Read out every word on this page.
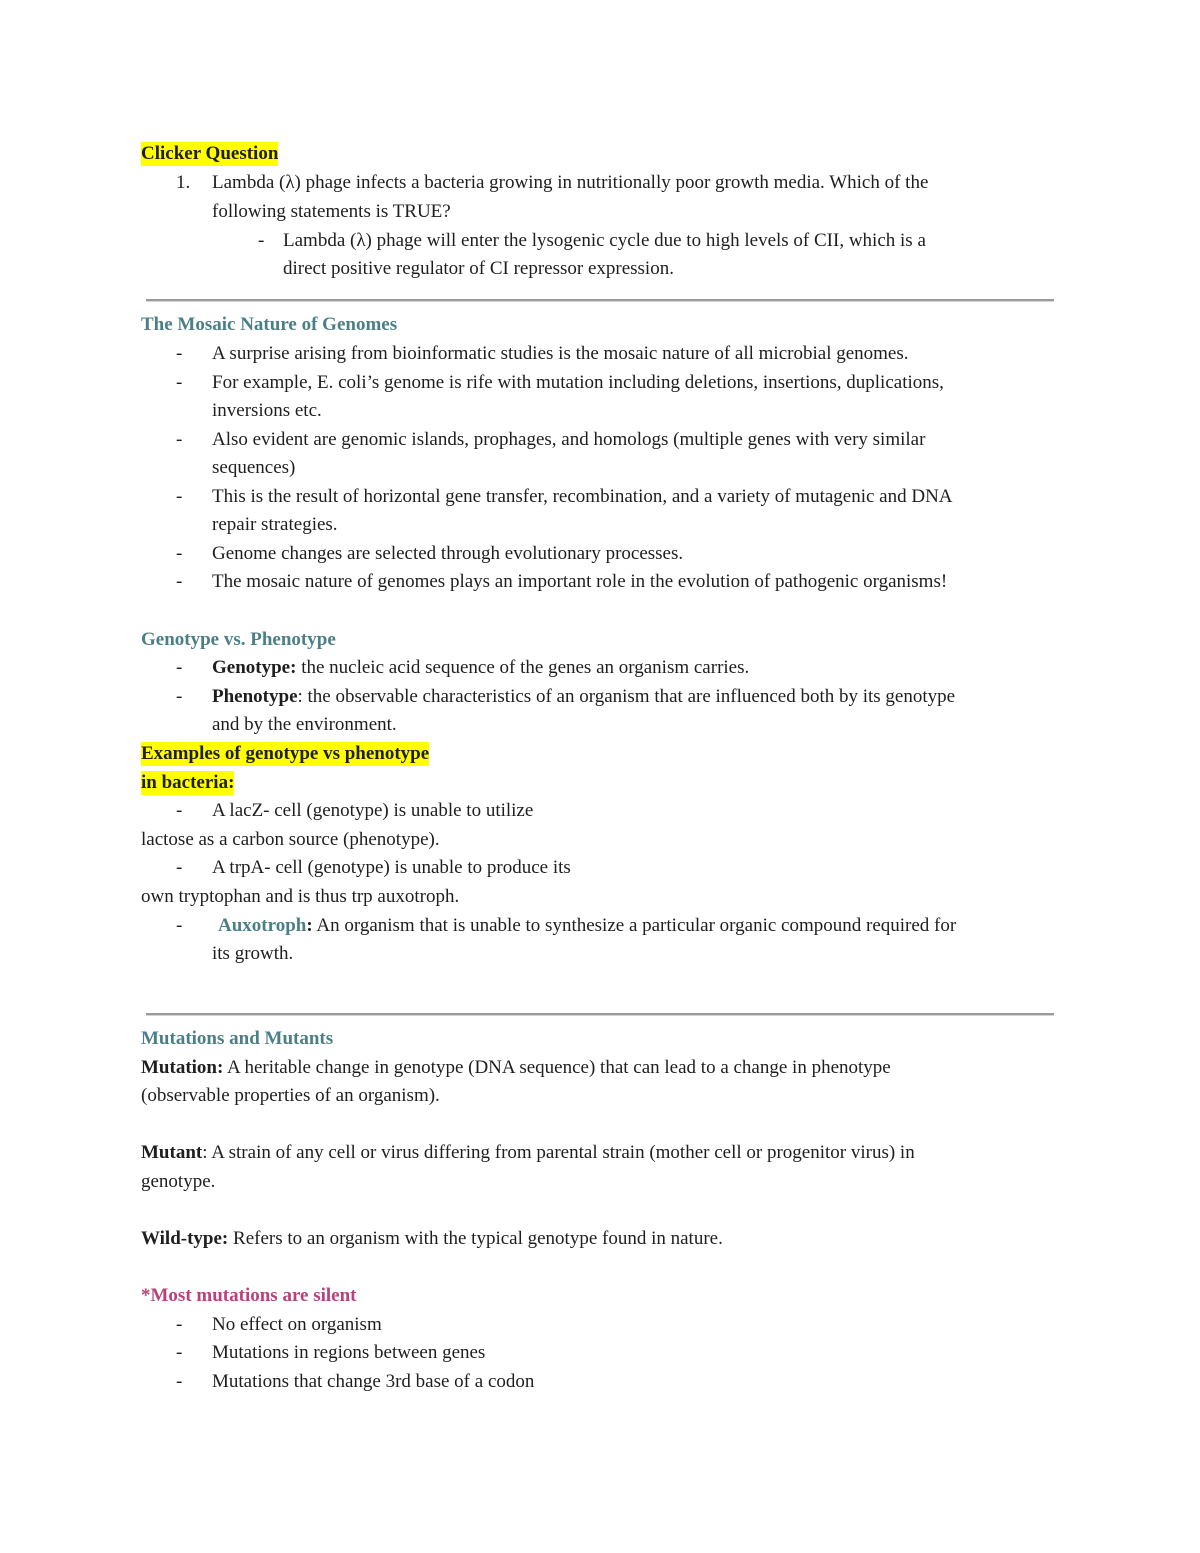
Clicker Question
1. Lambda (λ) phage infects a bacteria growing in nutritionally poor growth media. Which of the
following statements is TRUE?
- Lambda (λ) phage will enter the lysogenic cycle due to high levels of CII, which is a
direct positive regulator of CI repressor expression.
The Mosaic Nature of Genomes
- A surprise arising from bioinformatic studies is the mosaic nature of all microbial genomes.
- For example, E. coli’s genome is rife with mutation including deletions, insertions, duplications,
inversions etc.
- Also evident are genomic islands, prophages, and homologs (multiple genes with very similar
sequences)
- This is the result of horizontal gene transfer, recombination, and a variety of mutagenic and DNA
repair strategies.
- Genome changes are selected through evolutionary processes.
- The mosaic nature of genomes plays an important role in the evolution of pathogenic organisms!
Genotype vs. Phenotype
- Genotype: the nucleic acid sequence of the genes an organism carries.
- Phenotype: the observable characteristics of an organism that are influenced both by its genotype
and by the environment.
Examples of genotype vs phenotype
in bacteria:
- A lacZ- cell (genotype) is unable to utilize
lactose as a carbon source (phenotype).
- A trpA- cell (genotype) is unable to produce its
own tryptophan and is thus trp auxotroph.
- Auxotroph: An organism that is unable to synthesize a particular organic compound required for
its growth.
Mutations and Mutants
Mutation: A heritable change in genotype (DNA sequence) that can lead to a change in phenotype
(observable properties of an organism).
Mutant: A strain of any cell or virus differing from parental strain (mother cell or progenitor virus) in
genotype.
Wild-type: Refers to an organism with the typical genotype found in nature.
*Most mutations are silent
- No effect on organism
- Mutations in regions between genes
- Mutations that change 3rd base of a codon
